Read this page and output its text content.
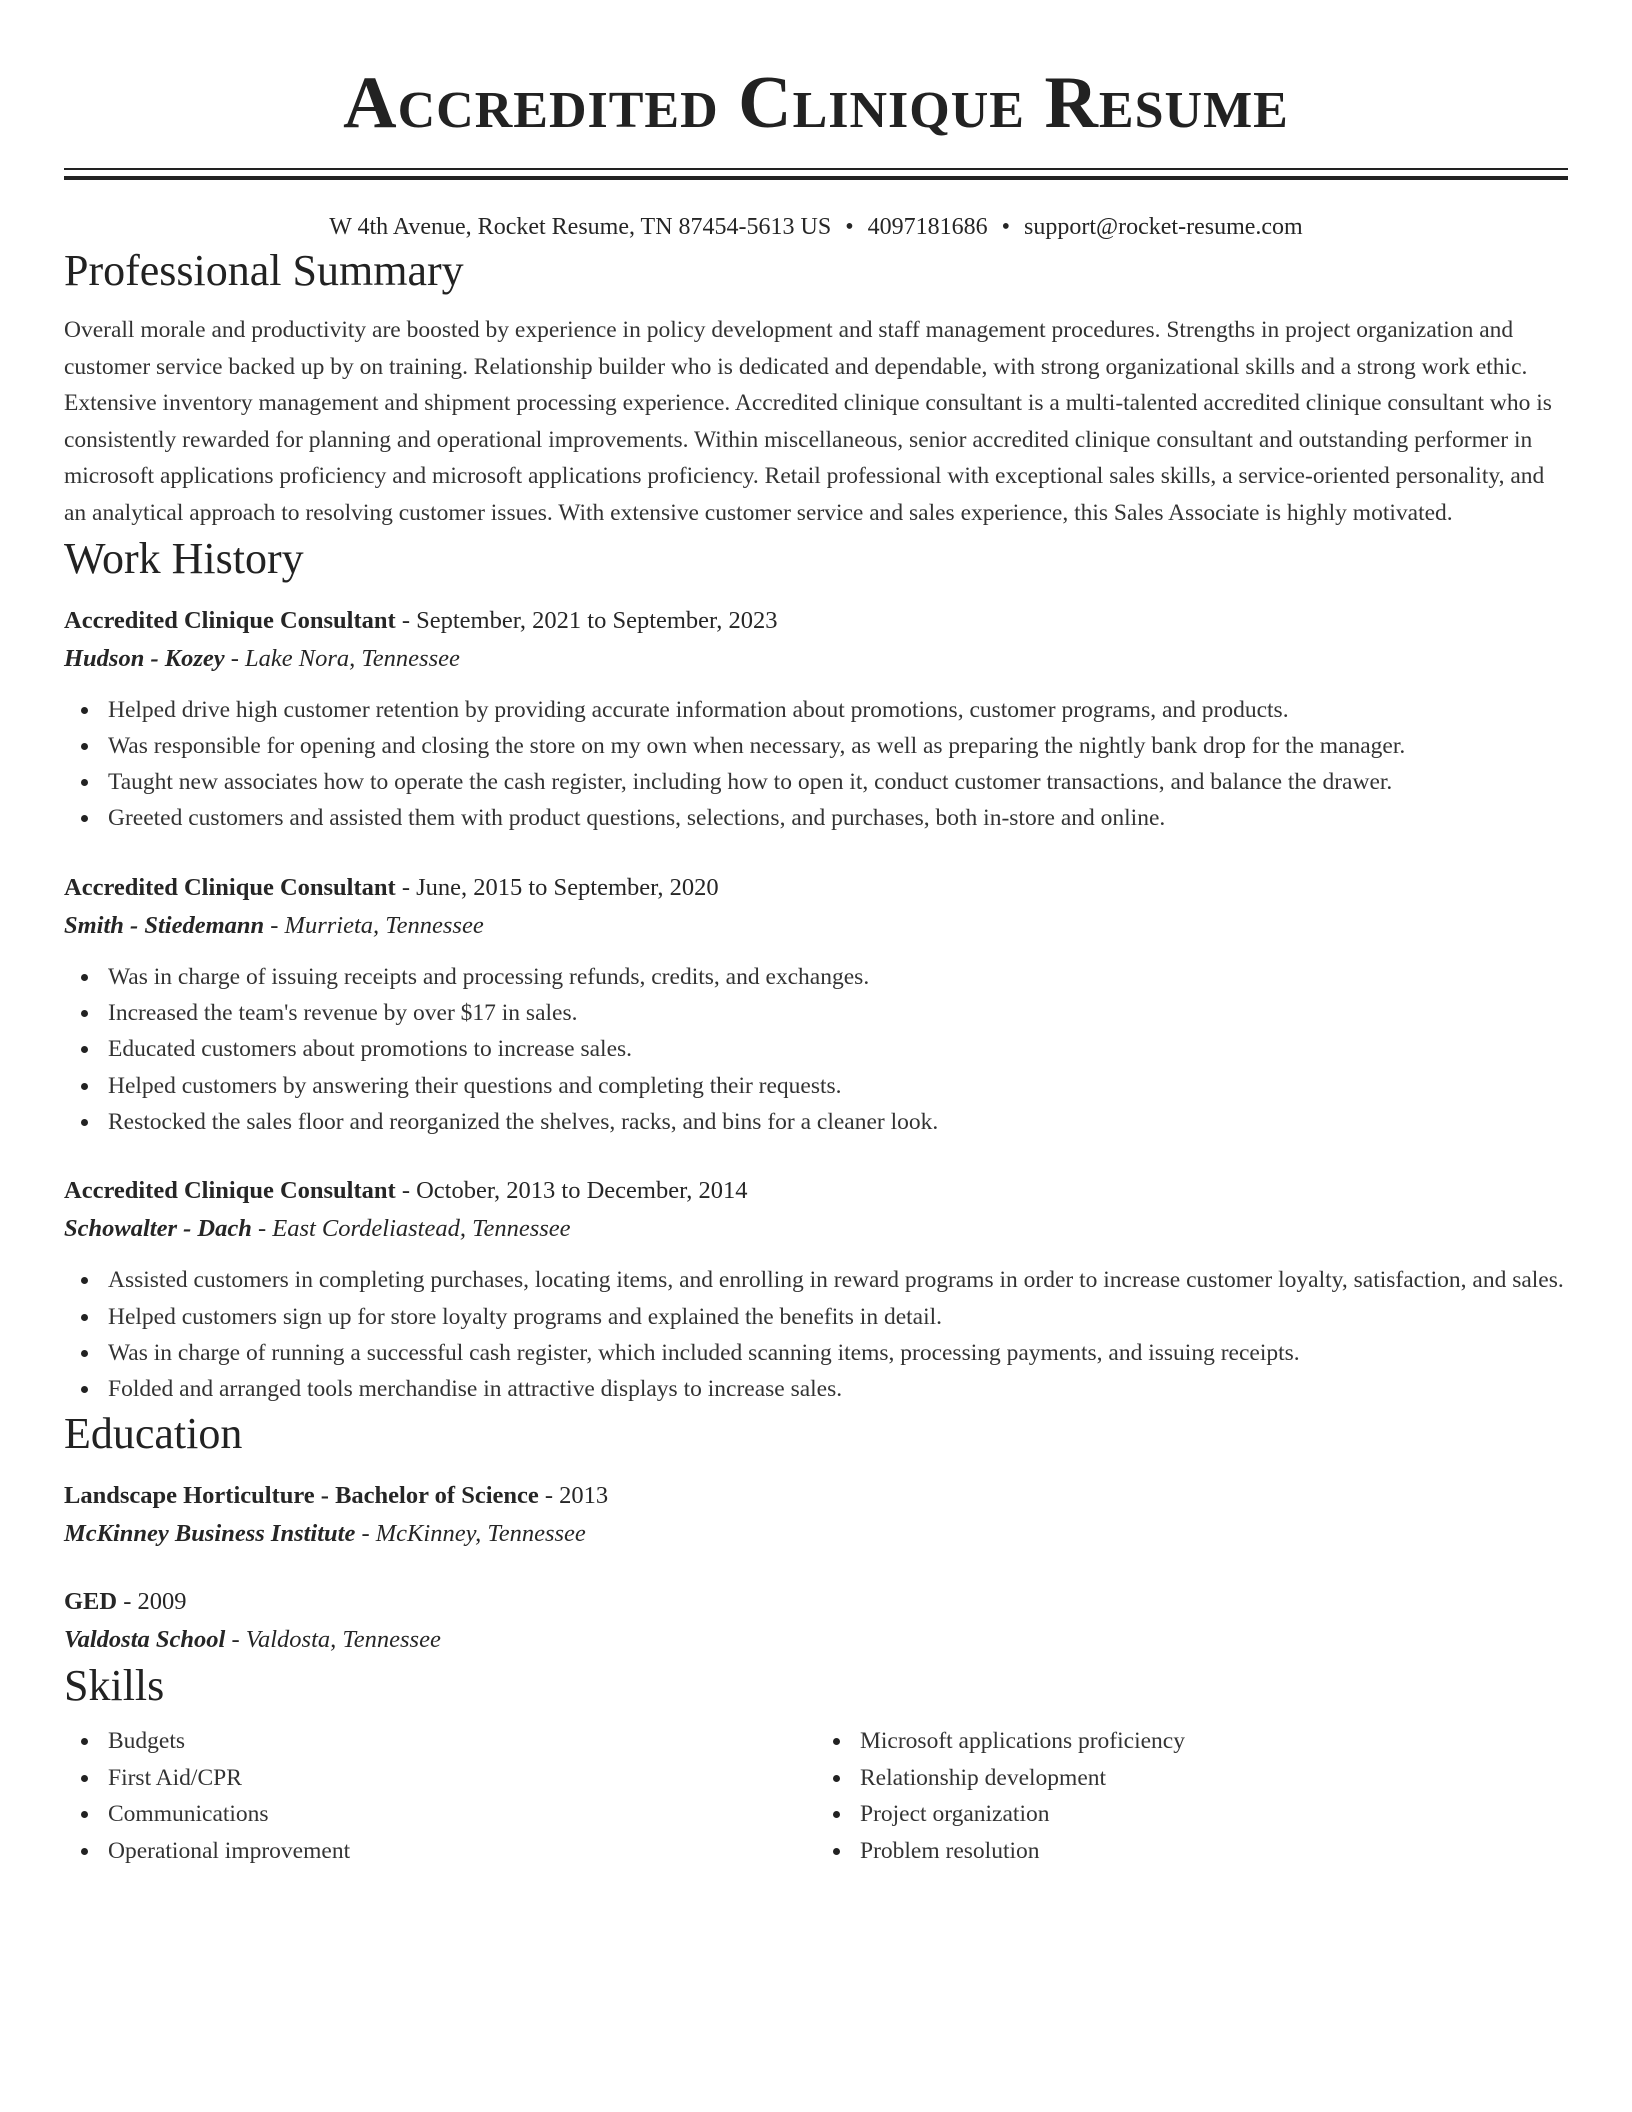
Accredited Clinique Resume
W 4th Avenue, Rocket Resume, TN 87454-5613 US • 4097181686 • support@rocket-resume.com
Professional Summary

Overall morale and productivity are boosted by experience in policy development and staff management procedures. Strengths in project organization and customer service backed up by on training. Relationship builder who is dedicated and dependable, with strong organizational skills and a strong work ethic. Extensive inventory management and shipment processing experience. Accredited clinique consultant is a multi-talented accredited clinique consultant who is consistently rewarded for planning and operational improvements. Within miscellaneous, senior accredited clinique consultant and outstanding performer in microsoft applications proficiency and microsoft applications proficiency. Retail professional with exceptional sales skills, a service-oriented personality, and an analytical approach to resolving customer issues. With extensive customer service and sales experience, this Sales Associate is highly motivated.

Work History
Accredited Clinique Consultant - September, 2021 to September, 2023
Hudson - Kozey - Lake Nora, Tennessee
Helped drive high customer retention by providing accurate information about promotions, customer programs, and products.
Was responsible for opening and closing the store on my own when necessary, as well as preparing the nightly bank drop for the manager.
Taught new associates how to operate the cash register, including how to open it, conduct customer transactions, and balance the drawer.
Greeted customers and assisted them with product questions, selections, and purchases, both in-store and online.
Accredited Clinique Consultant - June, 2015 to September, 2020
Smith - Stiedemann - Murrieta, Tennessee
Was in charge of issuing receipts and processing refunds, credits, and exchanges.
Increased the team's revenue by over $17 in sales.
Educated customers about promotions to increase sales.
Helped customers by answering their questions and completing their requests.
Restocked the sales floor and reorganized the shelves, racks, and bins for a cleaner look.
Accredited Clinique Consultant - October, 2013 to December, 2014
Schowalter - Dach - East Cordeliastead, Tennessee
Assisted customers in completing purchases, locating items, and enrolling in reward programs in order to increase customer loyalty, satisfaction, and sales.
Helped customers sign up for store loyalty programs and explained the benefits in detail.
Was in charge of running a successful cash register, which included scanning items, processing payments, and issuing receipts.
Folded and arranged tools merchandise in attractive displays to increase sales.
Education
Landscape Horticulture - Bachelor of Science - 2013
McKinney Business Institute - McKinney, Tennessee
GED - 2009
Valdosta School - Valdosta, Tennessee
Skills
Budgets
First Aid/CPR
Communications
Operational improvement
Microsoft applications proficiency
Relationship development
Project organization
Problem resolution
